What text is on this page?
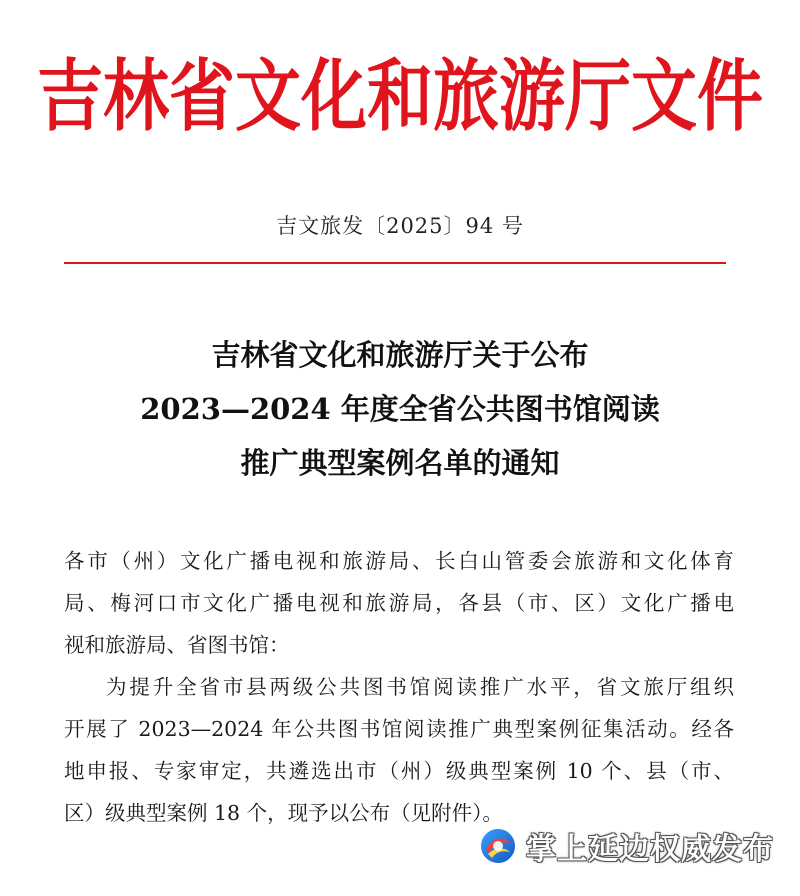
吉林省文化和旅游厅文件
吉文旅发〔2025〕94 号
吉林省文化和旅游厅关于公布
2023—2024 年度全省公共图书馆阅读
推广典型案例名单的通知
各市（州）文化广播电视和旅游局、长白山管委会旅游和文化体育
局、梅河口市文化广播电视和旅游局，各县（市、区）文化广播电
视和旅游局、省图书馆：
为提升全省市县两级公共图书馆阅读推广水平，省文旅厅组织
开展了 2023—2024 年公共图书馆阅读推广典型案例征集活动。经各
地申报、专家审定，共遴选出市（州）级典型案例 10 个、县（市、
区）级典型案例 18 个，现予以公布（见附件）。
掌上延边权威发布
